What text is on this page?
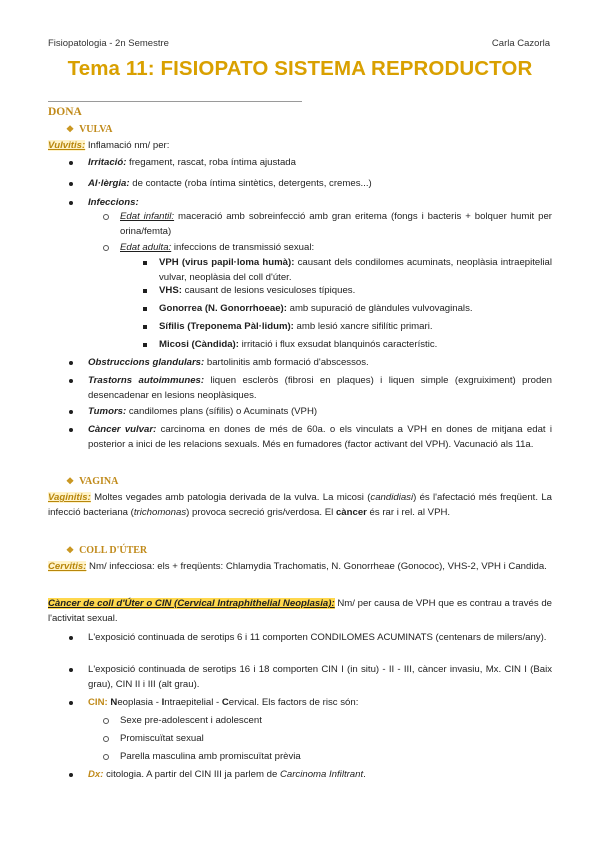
Fisiopatologia - 2n Semestre	Carla Cazorla
Tema 11: FISIOPATO SISTEMA REPRODUCTOR
DONA
❖ VULVA
Vulvitis: Inflamació nm/ per:
Irritació: fregament, rascat, roba íntima ajustada
Al·lèrgia: de contacte (roba íntima sintètics, detergents, cremes...)
Infeccions:
Edat infantil: maceració amb sobreinfecció amb gran eritema (fongs i bacteris + bolquer humit per orina/femta)
Edat adulta: infeccions de transmissió sexual:
VPH (virus papil·loma humà): causant dels condilomes acuminats, neoplàsia intraepitelial vulvar, neoplàsia del coll d'úter.
VHS: causant de lesions vesiculoses típiques.
Gonorrea (N. Gonorrhoeae): amb supuració de glàndules vulvovaginals.
Sífilis (Treponema Pàl·lidum): amb lesió xancre sifilític primari.
Micosi (Càndida): irritació i flux exsudat blanquinós característic.
Obstruccions glandulars: bartolinitis amb formació d'abscessos.
Trastorns autoimmunes: liquen escleròs (fibrosi en plaques) i liquen simple (exgruiximent) proden desencadenar en lesions neoplàsiques.
Tumors: candilomes plans (sífilis) o Acuminats (VPH)
Càncer vulvar: carcinoma en dones de més de 60a. o els vinculats a VPH en dones de mitjana edat i posterior a inici de les relacions sexuals. Més en fumadores (factor activant del VPH). Vacunació als 11a.
❖ VAGINA
Vaginitis: Moltes vegades amb patologia derivada de la vulva. La micosi (candidiasi) és l'afectació més freqüent. La infecció bacteriana (trichomonas) provoca secreció gris/verdosa. El càncer és rar i rel. al VPH.
❖ COLL D'ÚTER
Cervitis: Nm/ infecciosa: els + freqüents: Chlamydia Trachomatis, N. Gonorrheae (Gonococ), VHS-2, VPH i Candida.
Càncer de coll d'Úter o CIN (Cervical Intraphithelial Neoplasia): Nm/ per causa de VPH que es contrau a través de l'activitat sexual.
L'exposició continuada de serotips 6 i 11 comporten CONDILOMES ACUMINATS (centenars de milers/any).
L'exposició continuada de serotips 16 i 18 comporten CIN I (in situ) - II - III, càncer invasiu, Mx. CIN I (Baix grau), CIN II i III (alt grau).
CIN: Neoplasia - Intraepitelial - Cervical. Els factors de risc són:
Sexe pre-adolescent i adolescent
Promiscuïtat sexual
Parella masculina amb promiscuïtat prèvia
Dx: citologia. A partir del CIN III ja parlem de Carcinoma Infiltrant.
